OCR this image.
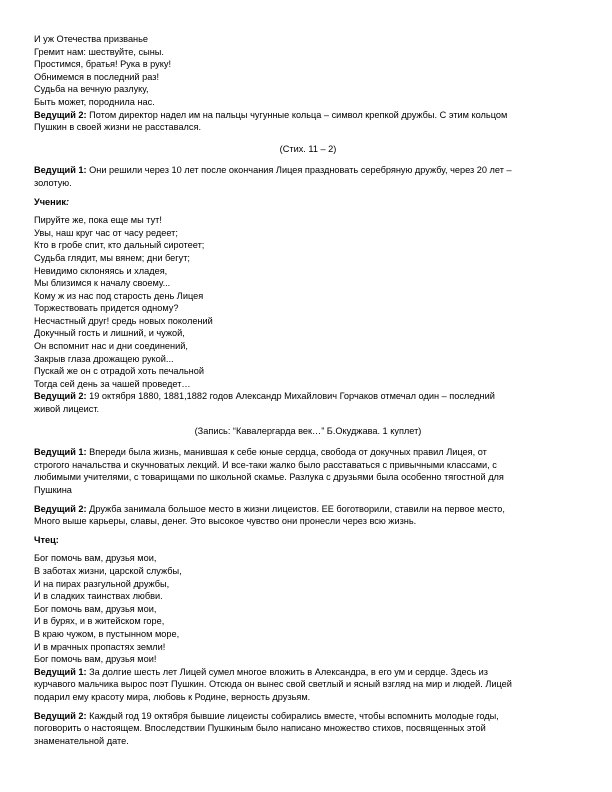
И уж Отечества призванье
Гремит нам: шествуйте, сыны.
Простимся, братья! Рука в руку!
Обнимемся в последний раз!
Судьба на вечную разлуку,
Быть может, породнила нас.
Ведущий 2: Потом директор надел им на пальцы чугунные кольца – символ крепкой дружбы. С этим кольцом
Пушкин в своей жизни не расставался.
(Стих. 11 – 2)
Ведущий 1: Они решили через 10 лет после окончания Лицея праздновать серебряную дружбу, через 20 лет –
золотую.
Ученик:
Пируйте же, пока еще мы тут!
Увы, наш круг час от часу редеет;
Кто в гробе спит, кто дальный сиротеет;
Судьба глядит, мы вянем; дни бегут;
Невидимо склоняясь и хладея,
Мы близимся к началу своему...
Кому ж из нас под старость день Лицея
Торжествовать придется одному?
Несчастный друг! средь новых поколений
Докучный гость и лишний, и чужой,
Он вспомнит нас и дни соединений,
Закрыв глаза дрожащею рукой...
Пускай же он с отрадой хоть печальной
Тогда сей день за чашей проведет…
Ведущий 2: 19 октября 1880, 1881,1882 годов Александр Михайлович Горчаков отмечал один – последний
живой лицеист.
(Запись: “Кавалергарда век…” Б.Окуджава. 1 куплет)
Ведущий 1: Впереди была жизнь, манившая к себе юные сердца, свобода от докучных правил Лицея, от
строгого начальства и скучноватых лекций. И все-таки жалко было расставаться с привычными классами, с
любимыми учителями, с товарищами по школьной скамье. Разлука с друзьями была особенно тягостной для
Пушкина
Ведущий 2: Дружба занимала большое место в жизни лицеистов. ЕЕ боготворили, ставили на первое место,
Много выше карьеры, славы, денег. Это высокое чувство они пронесли через всю жизнь.
Чтец:
Бог помочь вам, друзья мои,
В заботах жизни, царской службы,
И на пирах разгульной дружбы,
И в сладких таинствах любви.
Бог помочь вам, друзья мои,
И в бурях, и в житейском горе,
В краю чужом, в пустынном море,
И в мрачных пропастях земли!
Бог помочь вам, друзья мои!
Ведущий 1: За долгие шесть лет Лицей сумел многое вложить в Александра, в его ум и сердце. Здесь из
курчавого мальчика вырос поэт Пушкин. Отсюда он вынес свой светлый и ясный взгляд на мир и людей. Лицей
подарил ему красоту мира, любовь к Родине, верность друзьям.
Ведущий 2: Каждый год 19 октября бывшие лицеисты собирались вместе, чтобы вспомнить молодые годы,
поговорить о настоящем. Впоследствии Пушкиным было написано множество стихов, посвященных этой
знаменательной дате.
